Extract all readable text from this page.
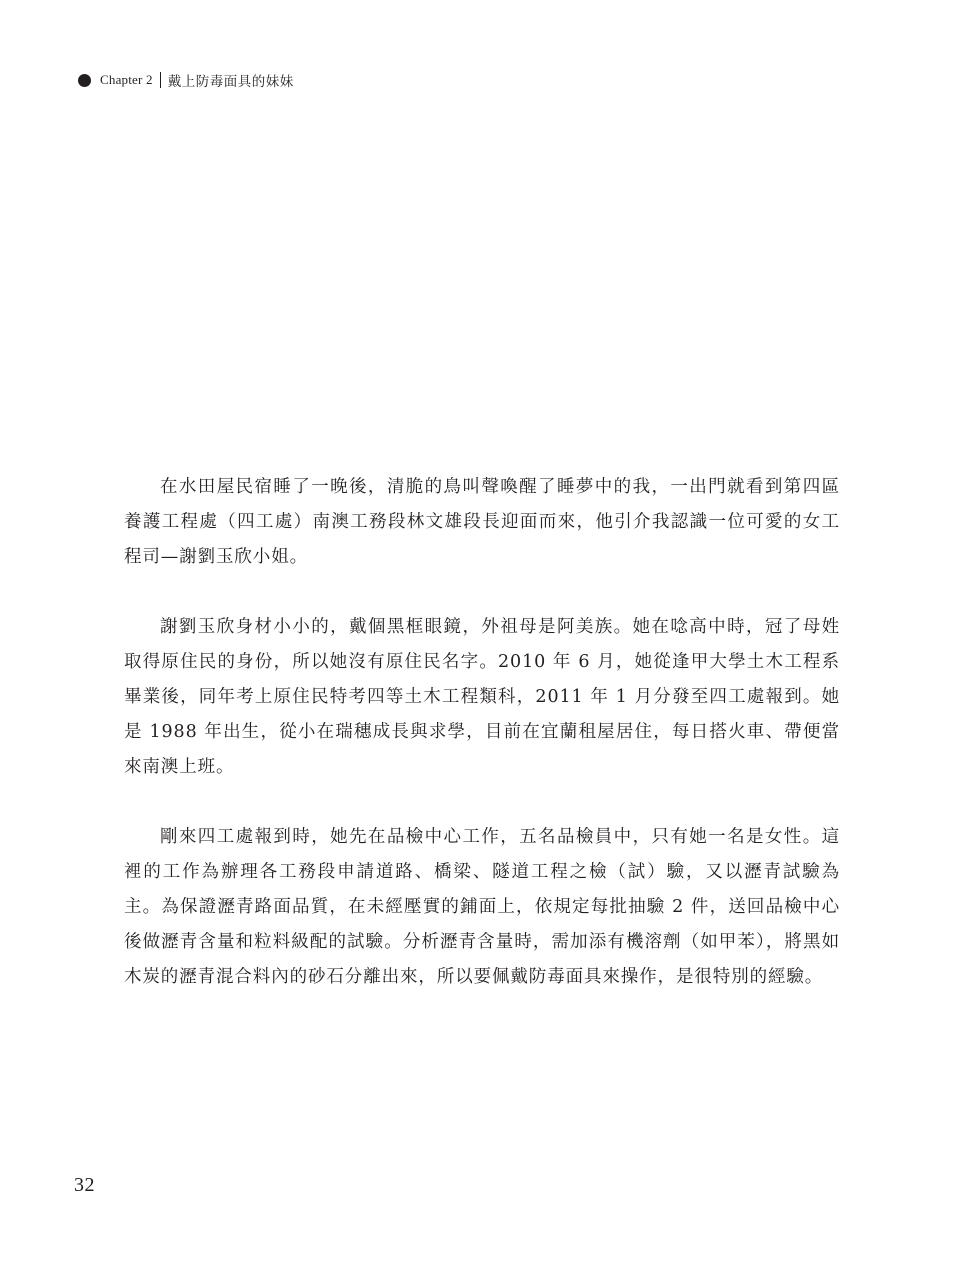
Chapter 2 戴上防毒面具的妹妹

在水田屋民宿睡了一晚後，清脆的鳥叫聲喚醒了睡夢中的我，一出門就看到第四區養護工程處（四工處）南澳工務段林文雄段長迎面而來，他引介我認識一位可愛的女工程司—謝劉玉欣小姐。

謝劉玉欣身材小小的，戴個黑框眼鏡，外祖母是阿美族。她在唸高中時，冠了母姓取得原住民的身份，所以她沒有原住民名字。2010 年 6 月，她從逢甲大學土木工程系畢業後，同年考上原住民特考四等土木工程類科，2011 年 1 月分發至四工處報到。她是 1988 年出生，從小在瑞穗成長與求學，目前在宜蘭租屋居住，每日搭火車、帶便當來南澳上班。

剛來四工處報到時，她先在品檢中心工作，五名品檢員中，只有她一名是女性。這裡的工作為辦理各工務段申請道路、橋梁、隧道工程之檢（試）驗，又以瀝青試驗為主。為保證瀝青路面品質，在未經壓實的鋪面上，依規定每批抽驗 2 件，送回品檢中心後做瀝青含量和粒料級配的試驗。分析瀝青含量時，需加添有機溶劑（如甲苯），將黑如木炭的瀝青混合料內的砂石分離出來，所以要佩戴防毒面具來操作，是很特別的經驗。

32
